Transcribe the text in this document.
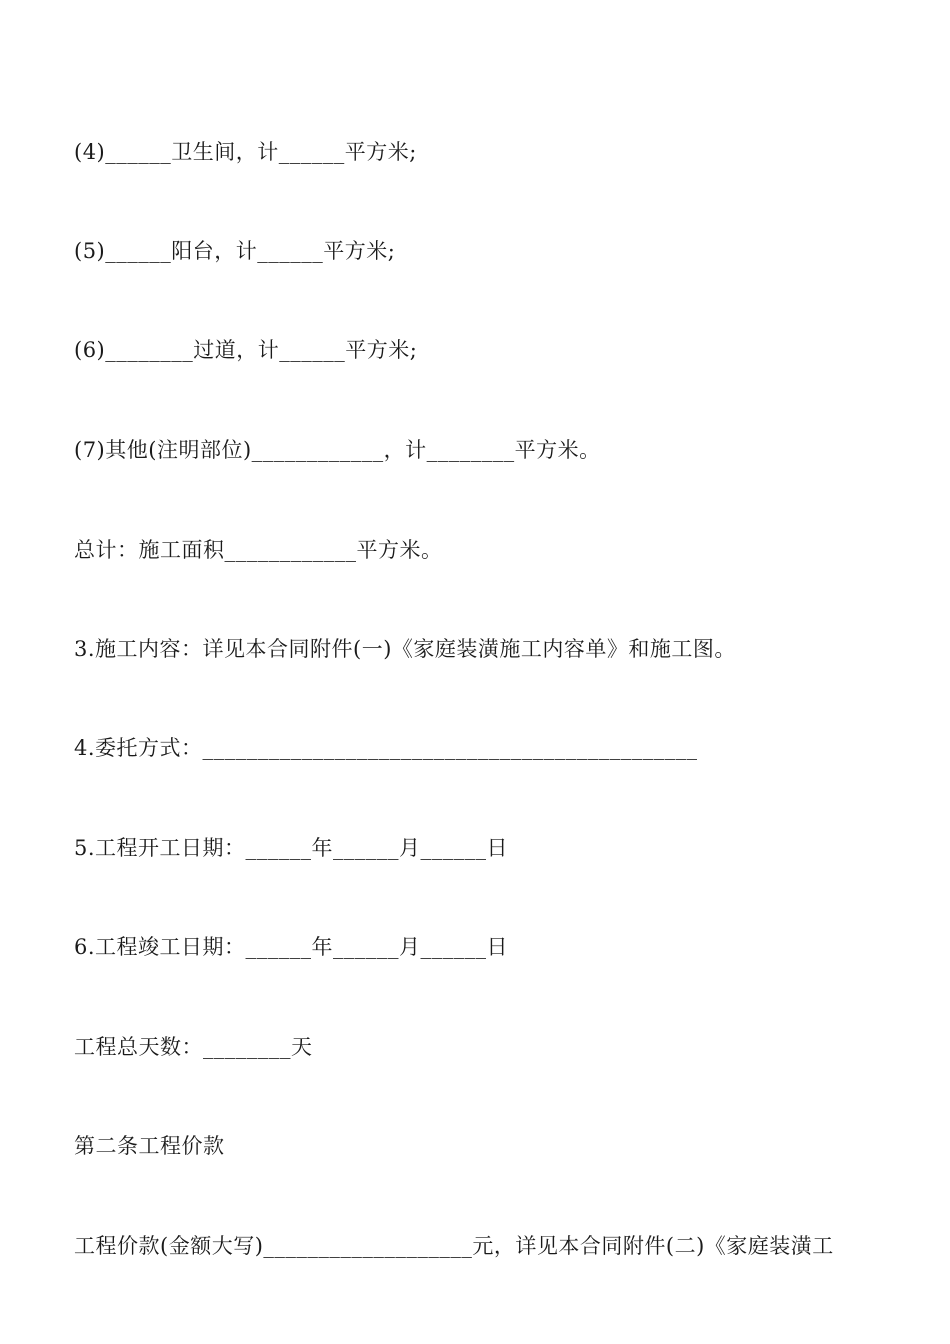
(4)______卫生间，计______平方米;
(5)______阳台，计______平方米;
(6)________过道，计______平方米;
(7)其他(注明部位)____________，计________平方米。
总计：施工面积____________平方米。
3.施工内容：详见本合同附件(一)《家庭装潢施工内容单》和施工图。
4.委托方式：_____________________________________________
5.工程开工日期：______年______月______日
6.工程竣工日期：______年______月______日
工程总天数：________天
第二条工程价款
工程价款(金额大写)___________________元，详见本合同附件(二)《家庭装潢工
